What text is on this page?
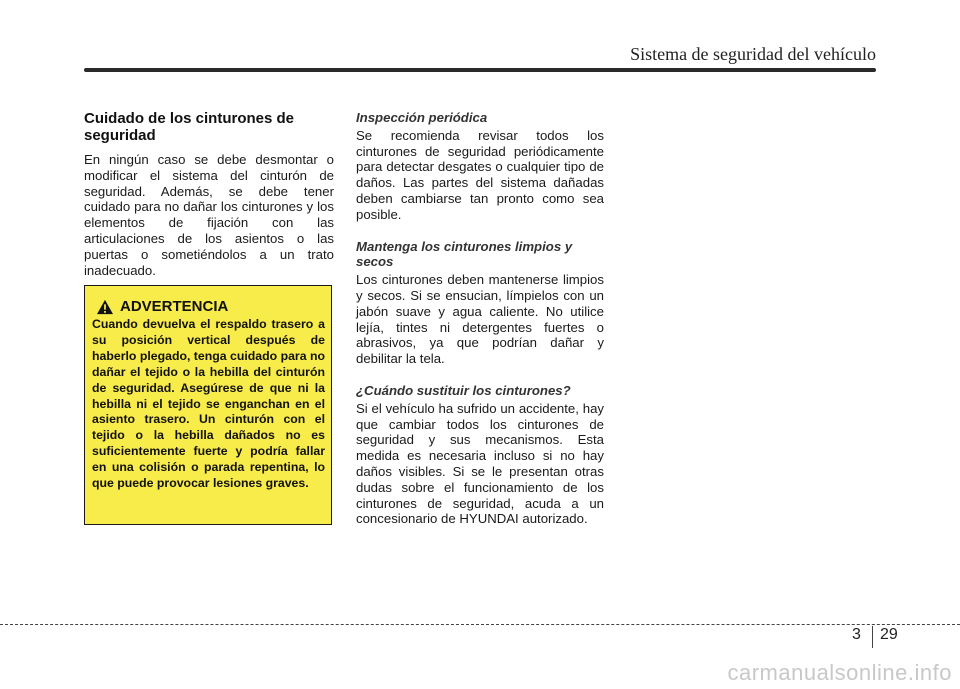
Sistema de seguridad del vehículo
Cuidado de los cinturones de seguridad

En ningún caso se debe desmontar o modificar el sistema del cinturón de seguridad. Además, se debe tener cuidado para no dañar los cinturones y los elementos de fijación con las articulaciones de los asientos o las puertas o sometiéndolos a un trato inadecuado.

ADVERTENCIA
Cuando devuelva el respaldo trasero a su posición vertical después de haberlo plegado, tenga cuidado para no dañar el tejido o la hebilla del cinturón de seguridad. Asegúrese de que ni la hebilla ni el tejido se enganchan en el asiento trasero. Un cinturón con el tejido o la hebilla dañados no es suficientemente fuerte y podría fallar en una colisión o parada repentina, lo que puede provocar lesiones graves.
Inspección periódica

Se recomienda revisar todos los cinturones de seguridad periódicamente para detectar desgates o cualquier tipo de daños. Las partes del sistema dañadas deben cambiarse tan pronto como sea posible.

Mantenga los cinturones limpios y secos

Los cinturones deben mantenerse limpios y secos. Si se ensucian, límpielos con un jabón suave y agua caliente. No utilice lejía, tintes ni detergentes fuertes o abrasivos, ya que podrían dañar y debilitar la tela.

¿Cuándo sustituir los cinturones?

Si el vehículo ha sufrido un accidente, hay que cambiar todos los cinturones de seguridad y sus mecanismos. Esta medida es necesaria incluso si no hay daños visibles. Si se le presentan otras dudas sobre el funcionamiento de los cinturones de seguridad, acuda a un concesionario de HYUNDAI autorizado.

3 29
carmanualsonline.info
